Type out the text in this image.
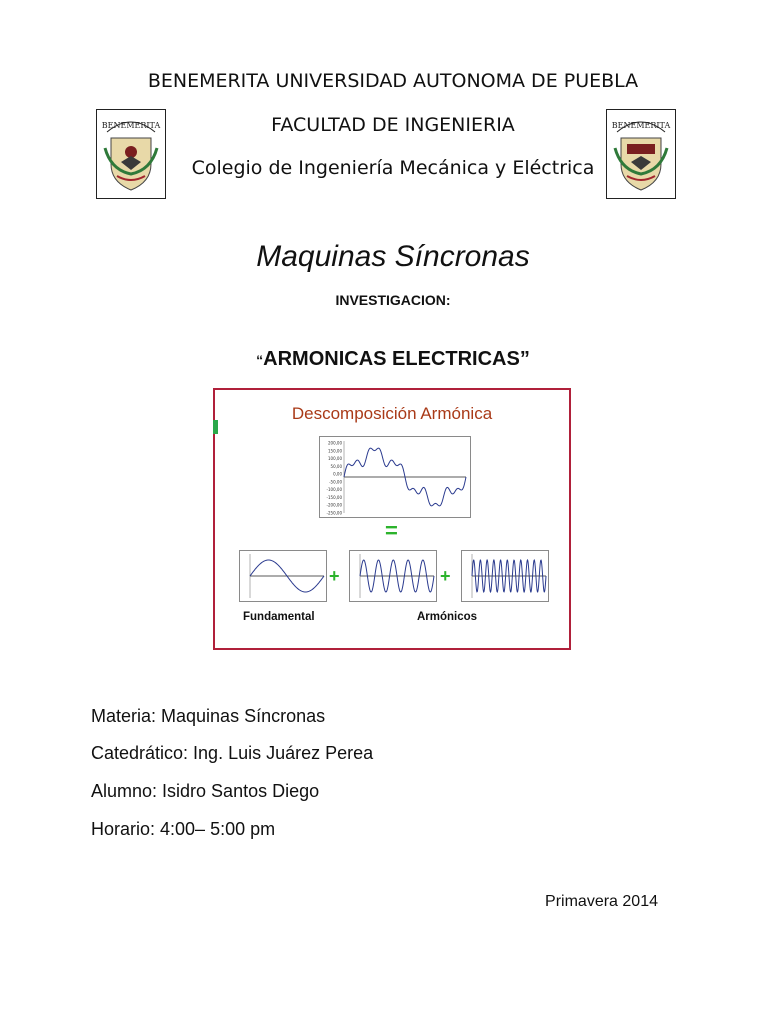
BENEMERITA UNIVERSIDAD AUTONOMA DE PUEBLA
BENEMERITA	BENEMERITA
FACULTAD DE INGENIERIA
Colegio de Ingeniería Mecánica y Eléctrica
Maquinas Síncronas
INVESTIGACION:
“ARMONICAS ELECTRICAS”
Descomposición Armónica
200,00
150,00
100,00
50,00
0,00
-50,00
-100,00
-150,00
-200,00
-250,00
=
+	+
Fundamental	Armónicos
Materia: Maquinas Síncronas
Catedrático: Ing. Luis Juárez Perea
Alumno: Isidro Santos Diego
Horario: 4:00– 5:00 pm
Primavera 2014
